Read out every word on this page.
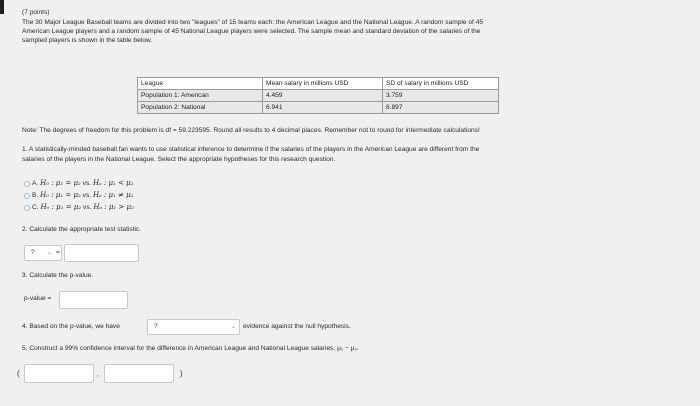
(7 points)
The 30 Major League Baseball teams are divided into two "leagues" of 15 teams each: the American League and the National League. A random sample of 45
American League players and a random sample of 45 National League players were selected. The sample mean and standard deviation of the salaries of the
sampled players is shown in the table below.
League	Mean salary in millions USD	SD of salary in millions USD
Population 1: American	4.459	3.759
Population 2: National	6.941	8.897
Note: The degrees of freedom for this problem is df = 59.223595. Round all results to 4 decimal places. Remember not to round for intermediate calculations!
1. A statistically-minded baseball fan wants to use statistical inference to determine if the salaries of the players in the American League are different from the
salaries of the players in the National League. Select the appropriate hypotheses for this research question.
A. H₀ : μ₁ = μ₂ vs. Hₐ : μ₁ < μ₂
B. H₀ : μ₁ = μ₂ vs. Hₐ : μ₁ ≠ μ₂
C. H₀ : μ₁ = μ₂ vs. Hₐ : μ₁ > μ₂
2. Calculate the appropriate test statistic.
? ⌄ =
3. Calculate the p-value.
p-value =
4. Based on the p-value, we have	?	⌄ evidence against the null hypothesis.
5. Construct a 99% confidence interval for the difference in American League and National League salaries, μ₁ − μ₂.
(	,	)
